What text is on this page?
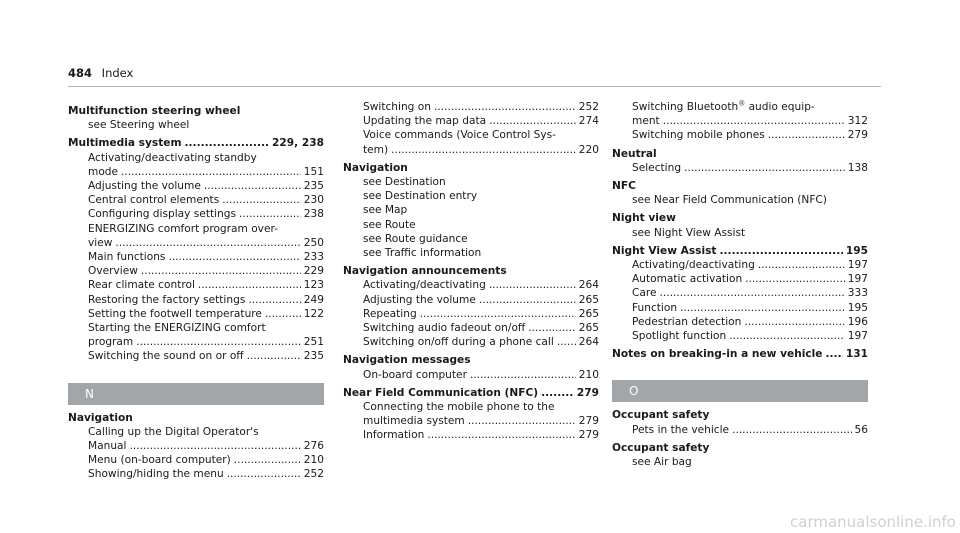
484 Index
Multifunction steering wheel
see Steering wheel
Multimedia system .....	229, 238
Activating/deactivating standby
mode .....	151
Adjusting the volume .....	235
Central control elements .....	230
Configuring display settings .....	238
ENERGIZING comfort program over-
view .....	250
Main functions .....	233
Overview .....	229
Rear climate control .....	123
Restoring the factory settings .....	249
Setting the footwell temperature .....	122
Starting the ENERGIZING comfort
program .....	251
Switching the sound on or off .....	235
N
Navigation
Calling up the Digital Operator's
Manual .....	276
Menu (on-board computer) .....	210
Showing/hiding the menu .....	252
Switching on .....	252
Updating the map data .....	274
Voice commands (Voice Control Sys-
tem) .....	220
Navigation
see Destination
see Destination entry
see Map
see Route
see Route guidance
see Traffic information
Navigation announcements
Activating/deactivating .....	264
Adjusting the volume .....	265
Repeating .....	265
Switching audio fadeout on/off .....	265
Switching on/off during a phone call ..... 264
Navigation messages
On-board computer .....	210
Near Field Communication (NFC) .....	279
Connecting the mobile phone to the
multimedia system .....	279
Information .....	279
Switching Bluetooth® audio equip-
ment .....	312
Switching mobile phones .....	279
Neutral
Selecting .....	138
NFC
see Near Field Communication (NFC)
Night view
see Night View Assist
Night View Assist .....	195
Activating/deactivating .....	197
Automatic activation .....	197
Care .....	333
Function .....	195
Pedestrian detection .....	196
Spotlight function .....	197
Notes on breaking-in a new vehicle ..... 131
O
Occupant safety
Pets in the vehicle .....	56
Occupant safety
see Air bag
carmanualsonline.info
